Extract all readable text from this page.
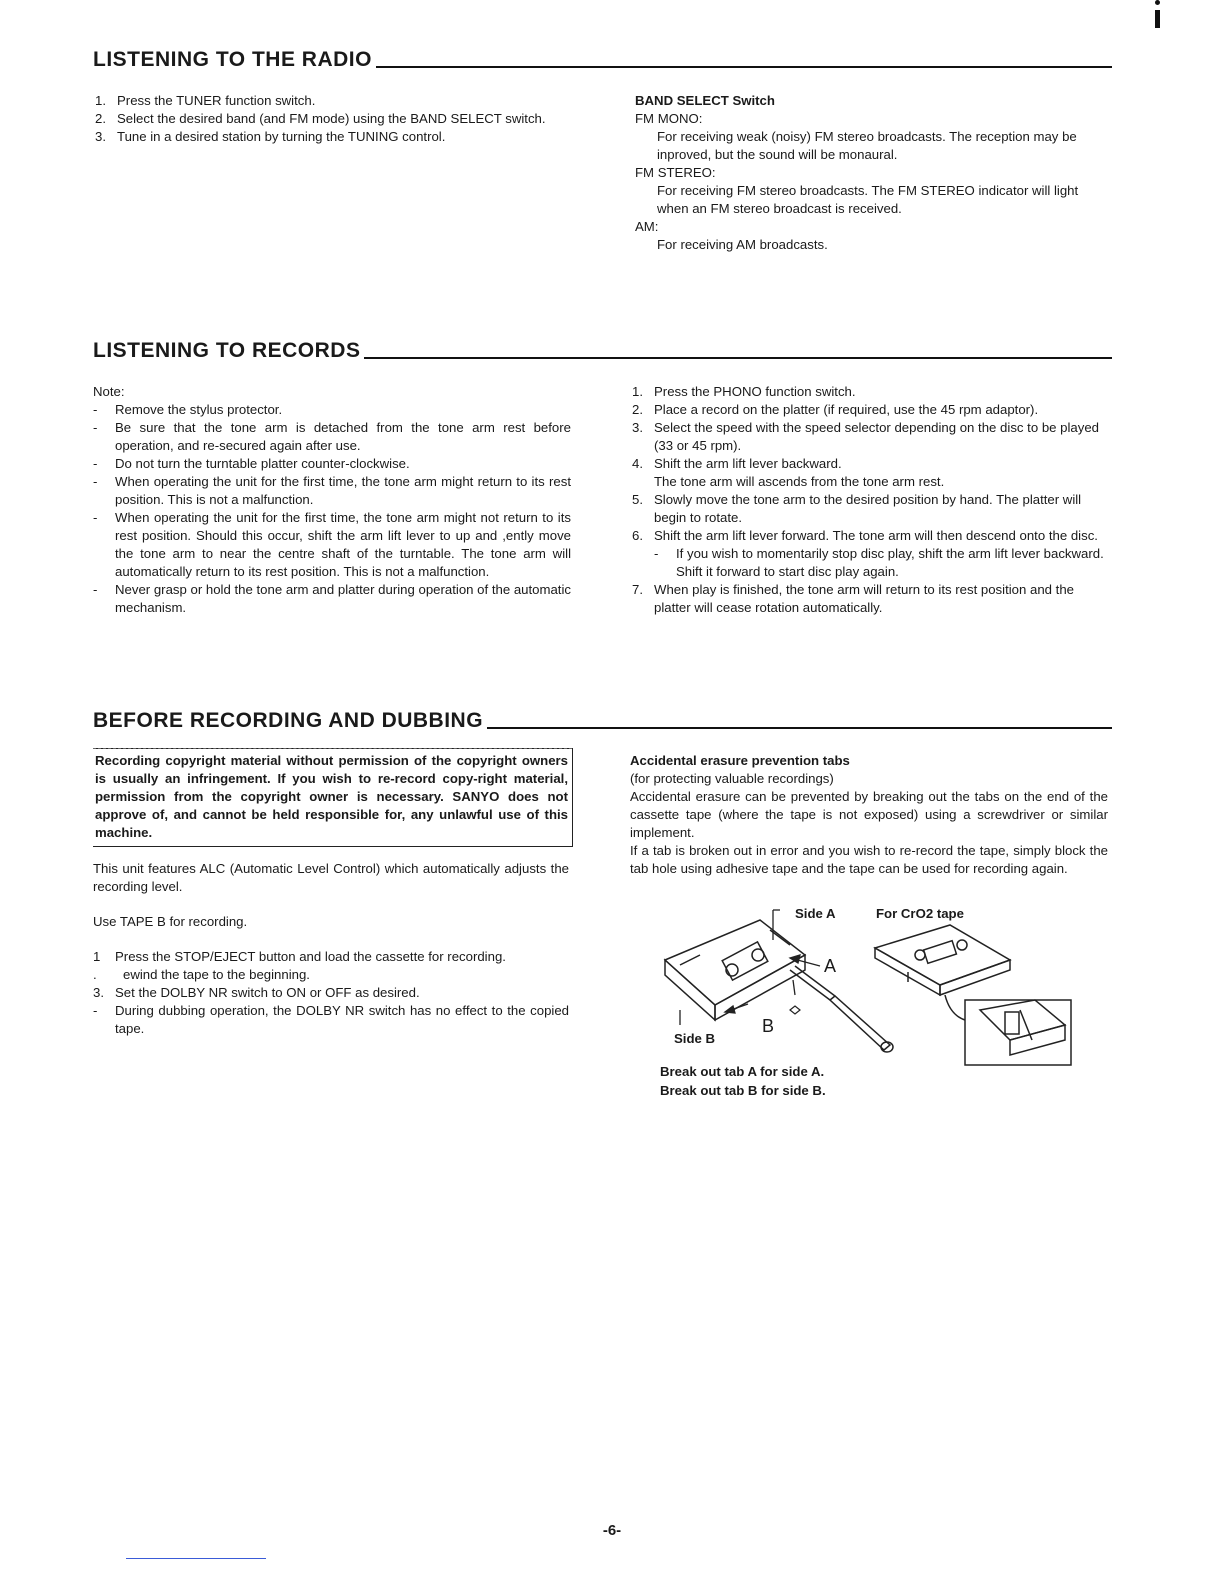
LISTENING TO THE RADIO
1. Press the TUNER function switch.
2. Select the desired band (and FM mode) using the BAND SELECT switch.
3. Tune in a desired station by turning the TUNING control.

BAND SELECT Switch

FM MONO:

For receiving weak (noisy) FM stereo broadcasts. The reception may be inproved, but the sound will be monaural.

FM STEREO:

For receiving FM stereo broadcasts. The FM STEREO indicator will light when an FM stereo broadcast is received.

AM:

For receiving AM broadcasts.

LISTENING TO RECORDS

Note:

- Remove the stylus protector.
- Be sure that the tone arm is detached from the tone arm rest before operation, and re-secured again after use.
- Do not turn the turntable platter counter-clockwise.
- When operating the unit for the first time, the tone arm might return to its rest position. This is not a malfunction.
- When operating the unit for the first time, the tone arm might not return to its rest position. Should this occur, shift the arm lift lever to up and ,ently move the tone arm to near the centre shaft of the turntable. The tone arm will automatically return to its rest position. This is not a malfunction.
- Never grasp or hold the tone arm and platter during operation of the automatic mechanism.
1. Press the PHONO function switch.
2. Place a record on the platter (if required, use the 45 rpm adaptor).
3. Select the speed with the speed selector depending on the disc to be played (33 or 45 rpm).
4. Shift the arm lift lever backward.
The tone arm will ascends from the tone arm rest.
5. Slowly move the tone arm to the desired position by hand. The platter will begin to rotate.
6. Shift the arm lift lever forward. The tone arm will then descend onto the disc.
- If you wish to momentarily stop disc play, shift the arm lift lever backward. Shift it forward to start disc play again.
7. When play is finished, the tone arm will return to its rest position and the platter will cease rotation automatically.
BEFORE RECORDING AND DUBBING
Recording copyright material without permission of the copyright owners is usually an infringement. If you wish to re-record copy-right material, permission from the copyright owner is necessary. SANYO does not approve of, and cannot be held responsible for, any unlawful use of this machine.

This unit features ALC (Automatic Level Control) which automatically adjusts the recording level.

Use TAPE B for recording.

1 Press the STOP/EJECT button and load the cassette for recording.
. ewind the tape to the beginning.
3. Set the DOLBY NR switch to ON or OFF as desired.
- During dubbing operation, the DOLBY NR switch has no effect to the copied tape.

Accidental erasure prevention tabs

(for protecting valuable recordings)

Accidental erasure can be prevented by breaking out the tabs on the end of the cassette tape (where the tape is not exposed) using a screwdriver or similar implement.

If a tab is broken out in error and you wish to re-record the tape, simply block the tab hole using adhesive tape and the tape can be used for recording again.

Side A	For CrO2 tape
A
B
Side B
Break out tab A for side A.
Break out tab B for side B.
-6-
